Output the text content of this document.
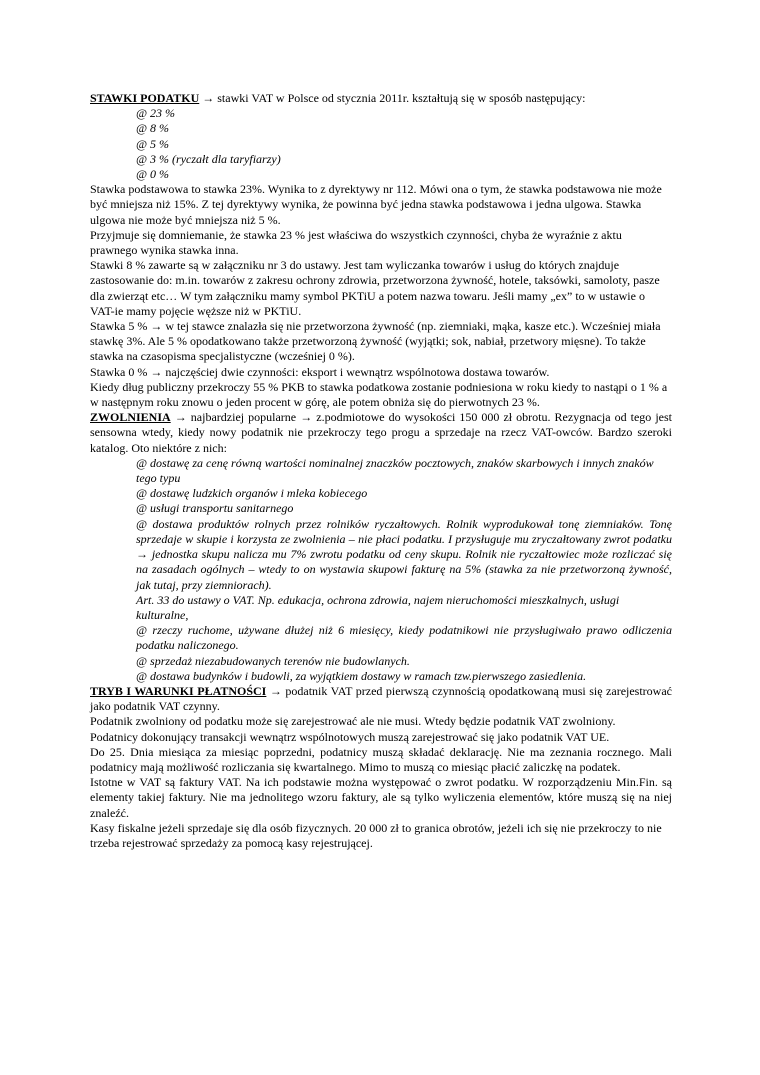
STAWKI PODATKU → stawki VAT w Polsce od stycznia 2011r. kształtują się w sposób następujący:

@ 23 %
@ 8 %
@ 5 %
@ 3 % (ryczałt dla taryfiarzy)
@ 0 %

Stawka podstawowa to stawka 23%. Wynika to z dyrektywy nr 112. Mówi ona o tym, że stawka podstawowa nie może być mniejsza niż 15%. Z tej dyrektywy wynika, że powinna być jedna stawka podstawowa i jedna ulgowa. Stawka ulgowa nie może być mniejsza niż 5 %.

Przyjmuje się domniemanie, że stawka 23 % jest właściwa do wszystkich czynności, chyba że wyraźnie z aktu prawnego wynika stawka inna.

Stawki 8 % zawarte są w załączniku nr 3 do ustawy. Jest tam wyliczanka towarów i usług do których znajduje zastosowanie do: m.in. towarów z zakresu ochrony zdrowia, przetworzona żywność, hotele, taksówki, samoloty, pasze dla zwierząt etc… W tym załączniku mamy symbol PKTiU a potem nazwa towaru. Jeśli mamy „ex” to w ustawie o VAT-ie mamy pojęcie węższe niż w PKTiU.

Stawka 5 % → w tej stawce znalazła się nie przetworzona żywność (np. ziemniaki, mąka, kasze etc.). Wcześniej miała stawkę 3%. Ale 5 % opodatkowano także przetworzoną żywność (wyjątki; sok, nabiał, przetwory mięsne). To także stawka na czasopisma specjalistyczne (wcześniej 0 %).

Stawka 0 % → najczęściej dwie czynności: eksport i wewnątrz wspólnotowa dostawa towarów.

Kiedy dług publiczny przekroczy 55 % PKB to stawka podatkowa zostanie podniesiona w roku kiedy to nastąpi o 1 % a w następnym roku znowu o jeden procent w górę, ale potem obniża się do pierwotnych 23 %.

ZWOLNIENIA → najbardziej popularne → z.podmiotowe do wysokości 150 000 zł obrotu. Rezygnacja od tego jest sensowna wtedy, kiedy nowy podatnik nie przekroczy tego progu a sprzedaje na rzecz VAT-owców. Bardzo szeroki katalog. Oto niektóre z nich:

@ dostawę za cenę równą wartości nominalnej znaczków pocztowych, znaków skarbowych i innych znaków tego typu

@ dostawę ludzkich organów i mleka kobiecego

@ usługi transportu sanitarnego

@ dostawa produktów rolnych przez rolników ryczałtowych. Rolnik wyprodukował tonę ziemniaków. Tonę sprzedaje w skupie i korzysta ze zwolnienia – nie płaci podatku. I przysługuje mu zryczałtowany zwrot podatku → jednostka skupu nalicza mu 7% zwrotu podatku od ceny skupu. Rolnik nie ryczałtowiec może rozliczać się na zasadach ogólnych – wtedy to on wystawia skupowi fakturę na 5% (stawka za nie przetworzoną żywność, jak tutaj, przy ziemniorach).

Art. 33 do ustawy o VAT. Np. edukacja, ochrona zdrowia, najem nieruchomości mieszkalnych, usługi kulturalne,

@ rzeczy ruchome, używane dłużej niż 6 miesięcy, kiedy podatnikowi nie przysługiwało prawo odliczenia podatku naliczonego.

@ sprzedaż niezabudowanych terenów nie budowlanych.

@ dostawa budynków i budowli, za wyjątkiem dostawy w ramach tzw.pierwszego zasiedlenia.

TRYB I WARUNKI PŁATNOŚCI → podatnik VAT przed pierwszą czynnością opodatkowaną musi się zarejestrować jako podatnik VAT czynny.

Podatnik zwolniony od podatku może się zarejestrować ale nie musi. Wtedy będzie podatnik VAT zwolniony.

Podatnicy dokonujący transakcji wewnątrz wspólnotowych muszą zarejestrować się jako podatnik VAT UE.

Do 25. Dnia miesiąca za miesiąc poprzedni, podatnicy muszą składać deklarację. Nie ma zeznania rocznego. Mali podatnicy mają możliwość rozliczania się kwartalnego. Mimo to muszą co miesiąc płacić zaliczkę na podatek.

Istotne w VAT są faktury VAT. Na ich podstawie można występować o zwrot podatku. W rozporządzeniu Min.Fin. są elementy takiej faktury. Nie ma jednolitego wzoru faktury, ale są tylko wyliczenia elementów, które muszą się na niej znaleźć.

Kasy fiskalne jeżeli sprzedaje się dla osób fizycznych. 20 000 zł to granica obrotów, jeżeli ich się nie przekroczy to nie trzeba rejestrować sprzedaży za pomocą kasy rejestrującej.
